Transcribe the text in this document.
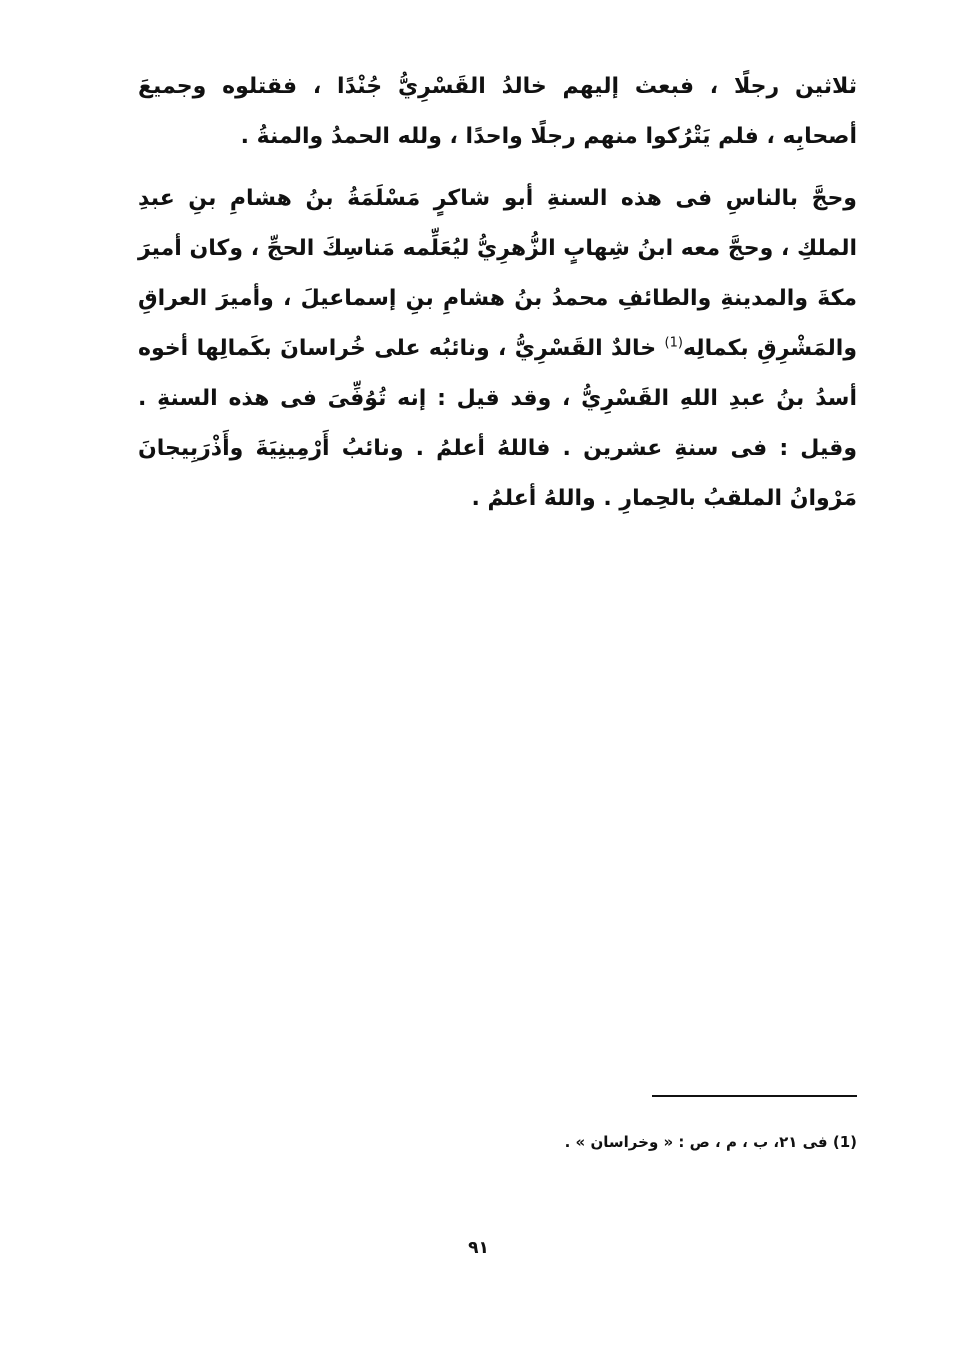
ثلاثين رجلًا ، فبعث إليهم خالدُ القَسْرِيُّ جُنْدًا ، فقتلوه وجميعَ أصحابِه ، فلم يَتْرُكوا منهم رجلًا واحدًا ، ولله الحمدُ والمنةُ .

وحجَّ بالناسِ فى هذه السنةِ أبو شاكرٍ مَسْلَمَةُ بنُ هشامِ بنِ عبدِ الملكِ ، وحجَّ معه ابنُ شِهابٍ الزُّهرِيُّ ليُعَلِّمه مَناسِكَ الحجِّ ، وكان أميرَ مكةَ والمدينةِ والطائفِ محمدُ بنُ هشامِ بنِ إسماعيلَ ، وأميرَ العراقِ والمَشْرِقِ بكمالِه$^{(1)}$ خالدٌ القَسْرِيُّ ، ونائبُه على خُراسانَ بكَمالِها أخوه أسدُ بنُ عبدِ اللهِ القَسْرِيُّ ، وقد قيل : إنه تُوُفِّىَ فى هذه السنةِ . وقيل : فى سنةِ عشرين . فاللهُ أعلمُ . ونائبُ أَرْمِينِيَةَ وأَذْرَبِيجانَ مَرْوانُ الملقبُ بالحِمارِ . واللهُ أعلمُ .

(1) فى ٢١، ب ، م ، ص : « وخراسان » .

٩١
